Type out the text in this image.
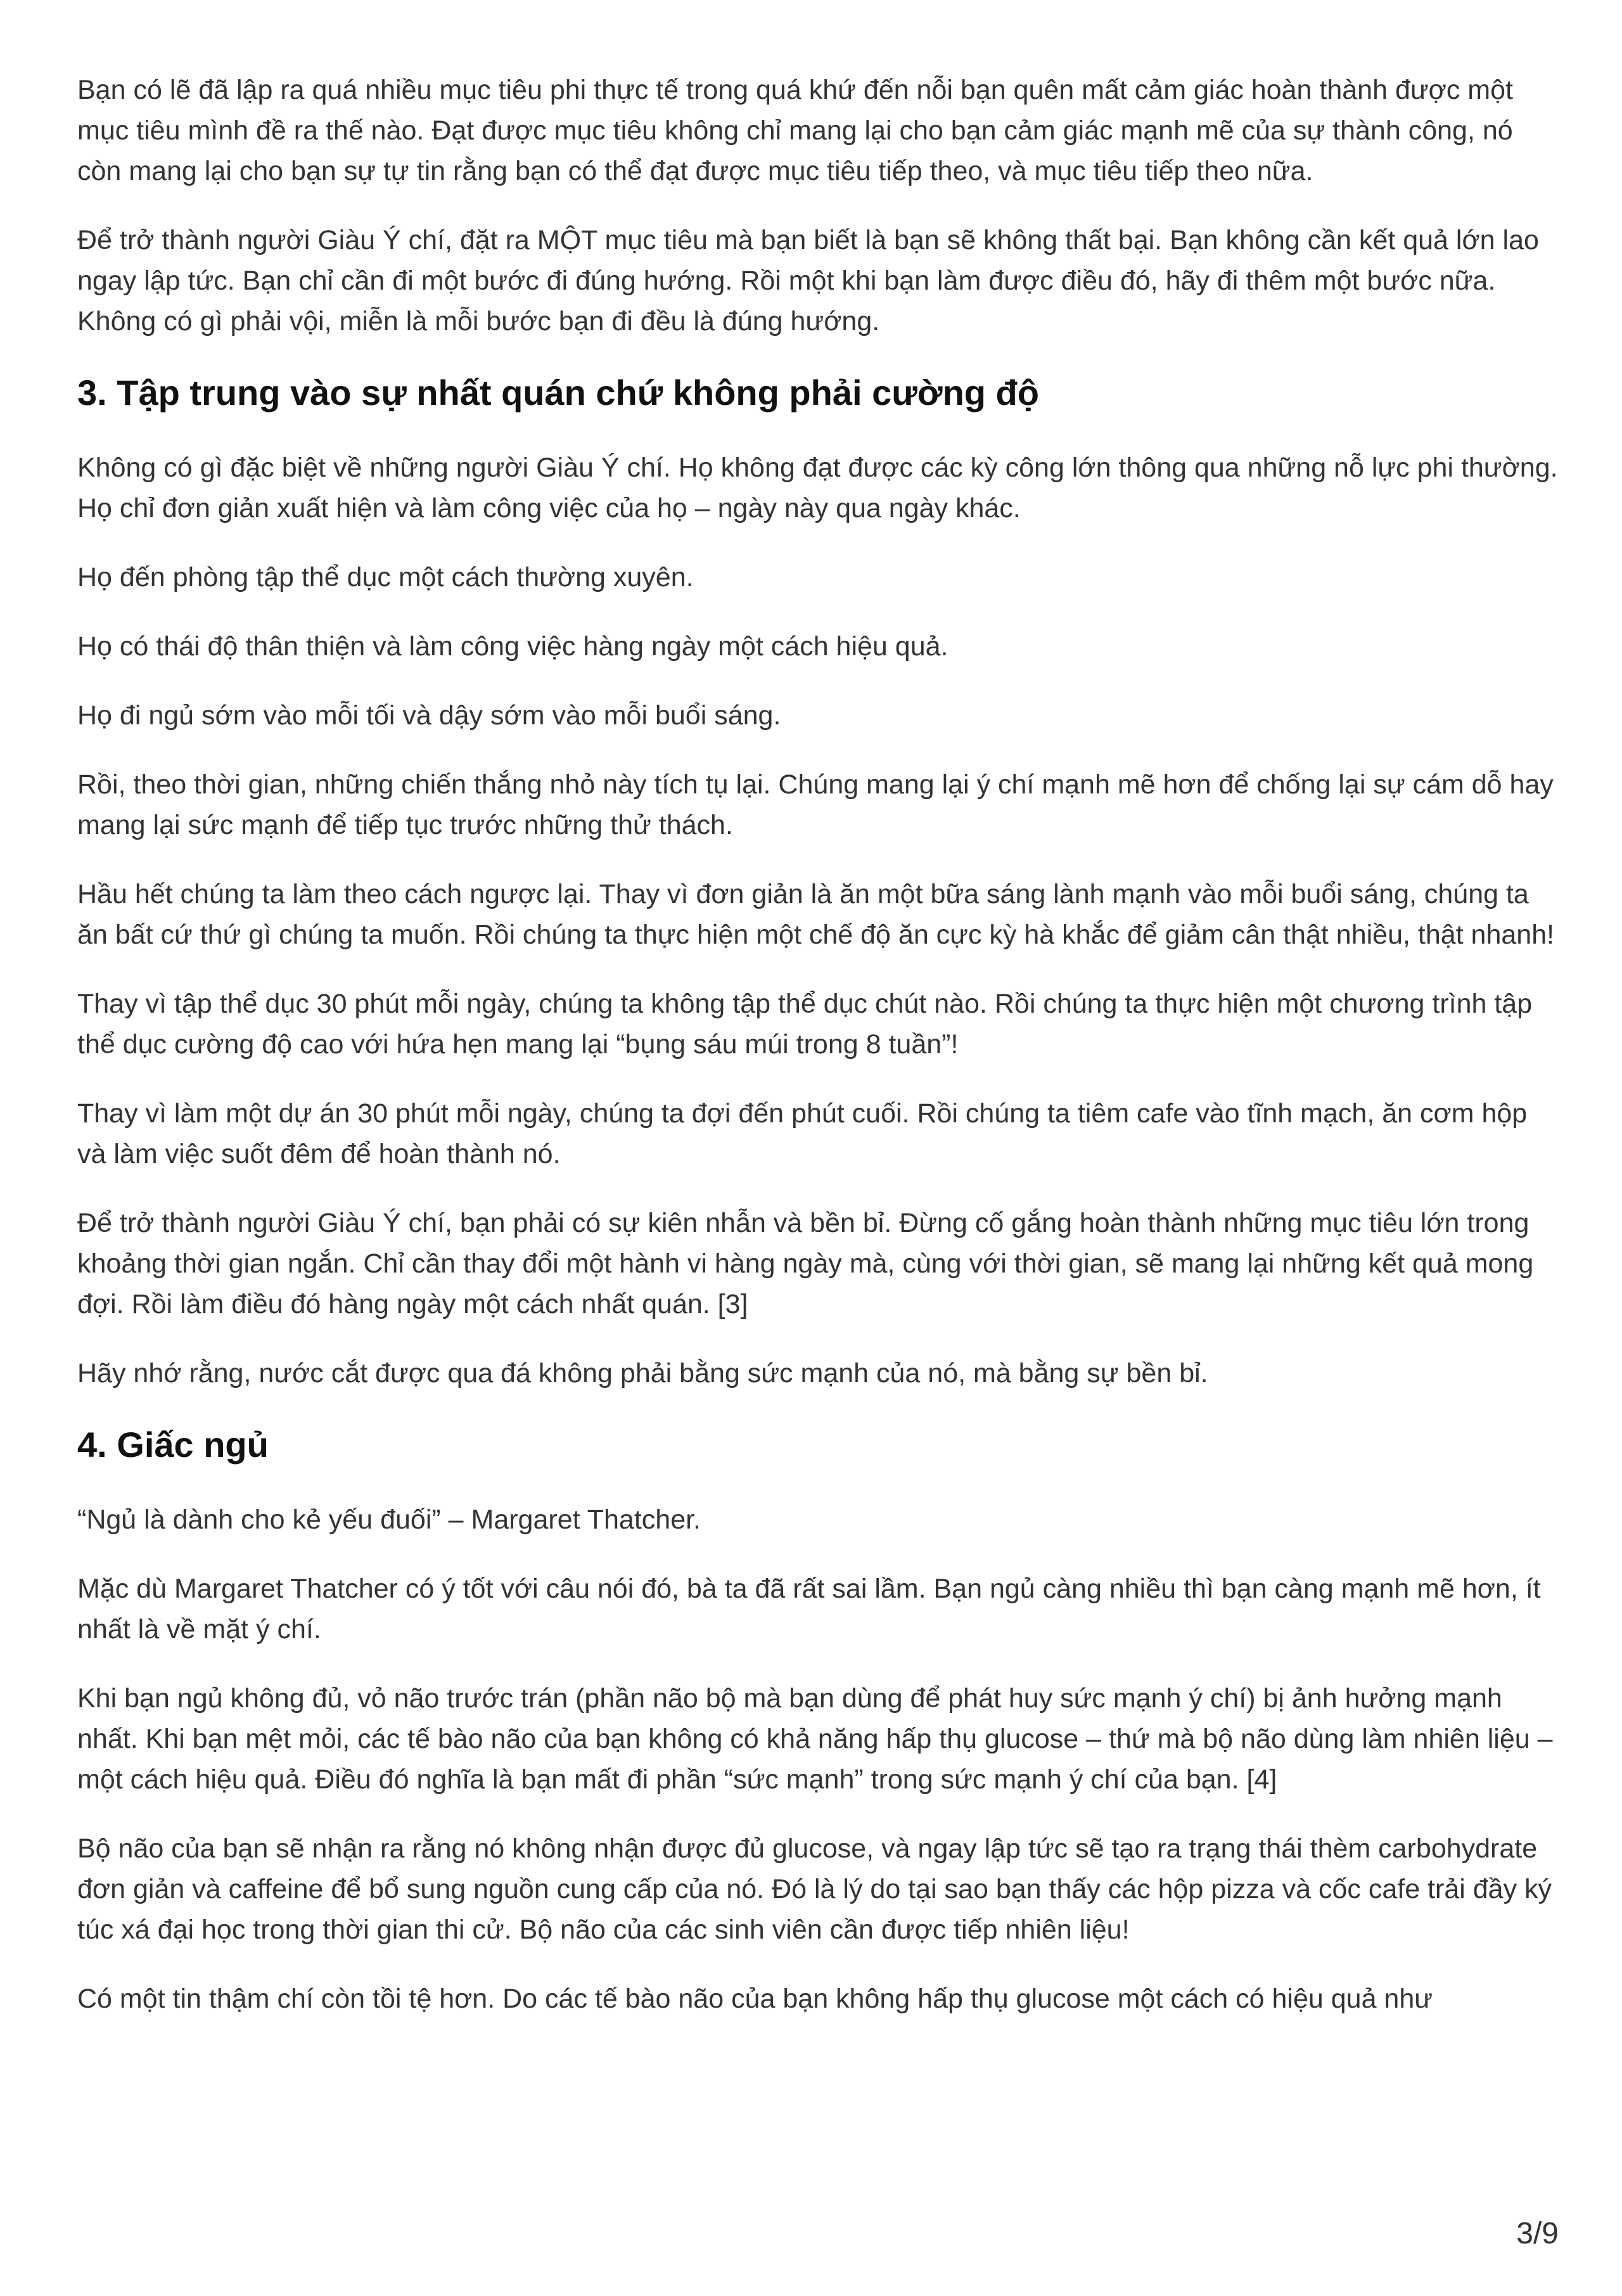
Bạn có lẽ đã lập ra quá nhiều mục tiêu phi thực tế trong quá khứ đến nỗi bạn quên mất cảm giác hoàn thành được một mục tiêu mình đề ra thế nào. Đạt được mục tiêu không chỉ mang lại cho bạn cảm giác mạnh mẽ của sự thành công, nó còn mang lại cho bạn sự tự tin rằng bạn có thể đạt được mục tiêu tiếp theo, và mục tiêu tiếp theo nữa.

Để trở thành người Giàu Ý chí, đặt ra MỘT mục tiêu mà bạn biết là bạn sẽ không thất bại. Bạn không cần kết quả lớn lao ngay lập tức. Bạn chỉ cần đi một bước đi đúng hướng. Rồi một khi bạn làm được điều đó, hãy đi thêm một bước nữa. Không có gì phải vội, miễn là mỗi bước bạn đi đều là đúng hướng.

3. Tập trung vào sự nhất quán chứ không phải cường độ

Không có gì đặc biệt về những người Giàu Ý chí. Họ không đạt được các kỳ công lớn thông qua những nỗ lực phi thường. Họ chỉ đơn giản xuất hiện và làm công việc của họ – ngày này qua ngày khác.

Họ đến phòng tập thể dục một cách thường xuyên.

Họ có thái độ thân thiện và làm công việc hàng ngày một cách hiệu quả.

Họ đi ngủ sớm vào mỗi tối và dậy sớm vào mỗi buổi sáng.

Rồi, theo thời gian, những chiến thắng nhỏ này tích tụ lại. Chúng mang lại ý chí mạnh mẽ hơn để chống lại sự cám dỗ hay mang lại sức mạnh để tiếp tục trước những thử thách.

Hầu hết chúng ta làm theo cách ngược lại. Thay vì đơn giản là ăn một bữa sáng lành mạnh vào mỗi buổi sáng, chúng ta ăn bất cứ thứ gì chúng ta muốn. Rồi chúng ta thực hiện một chế độ ăn cực kỳ hà khắc để giảm cân thật nhiều, thật nhanh!

Thay vì tập thể dục 30 phút mỗi ngày, chúng ta không tập thể dục chút nào. Rồi chúng ta thực hiện một chương trình tập thể dục cường độ cao với hứa hẹn mang lại “bụng sáu múi trong 8 tuần”!

Thay vì làm một dự án 30 phút mỗi ngày, chúng ta đợi đến phút cuối. Rồi chúng ta tiêm cafe vào tĩnh mạch, ăn cơm hộp và làm việc suốt đêm để hoàn thành nó.

Để trở thành người Giàu Ý chí, bạn phải có sự kiên nhẫn và bền bỉ. Đừng cố gắng hoàn thành những mục tiêu lớn trong khoảng thời gian ngắn. Chỉ cần thay đổi một hành vi hàng ngày mà, cùng với thời gian, sẽ mang lại những kết quả mong đợi. Rồi làm điều đó hàng ngày một cách nhất quán. [3]

Hãy nhớ rằng, nước cắt được qua đá không phải bằng sức mạnh của nó, mà bằng sự bền bỉ.

4. Giấc ngủ

“Ngủ là dành cho kẻ yếu đuối” – Margaret Thatcher.

Mặc dù Margaret Thatcher có ý tốt với câu nói đó, bà ta đã rất sai lầm. Bạn ngủ càng nhiều thì bạn càng mạnh mẽ hơn, ít nhất là về mặt ý chí.

Khi bạn ngủ không đủ, vỏ não trước trán (phần não bộ mà bạn dùng để phát huy sức mạnh ý chí) bị ảnh hưởng mạnh nhất. Khi bạn mệt mỏi, các tế bào não của bạn không có khả năng hấp thụ glucose – thứ mà bộ não dùng làm nhiên liệu – một cách hiệu quả. Điều đó nghĩa là bạn mất đi phần “sức mạnh” trong sức mạnh ý chí của bạn. [4]

Bộ não của bạn sẽ nhận ra rằng nó không nhận được đủ glucose, và ngay lập tức sẽ tạo ra trạng thái thèm carbohydrate đơn giản và caffeine để bổ sung nguồn cung cấp của nó. Đó là lý do tại sao bạn thấy các hộp pizza và cốc cafe trải đầy ký túc xá đại học trong thời gian thi cử. Bộ não của các sinh viên cần được tiếp nhiên liệu!

Có một tin thậm chí còn tồi tệ hơn. Do các tế bào não của bạn không hấp thụ glucose một cách có hiệu quả như

3/9
